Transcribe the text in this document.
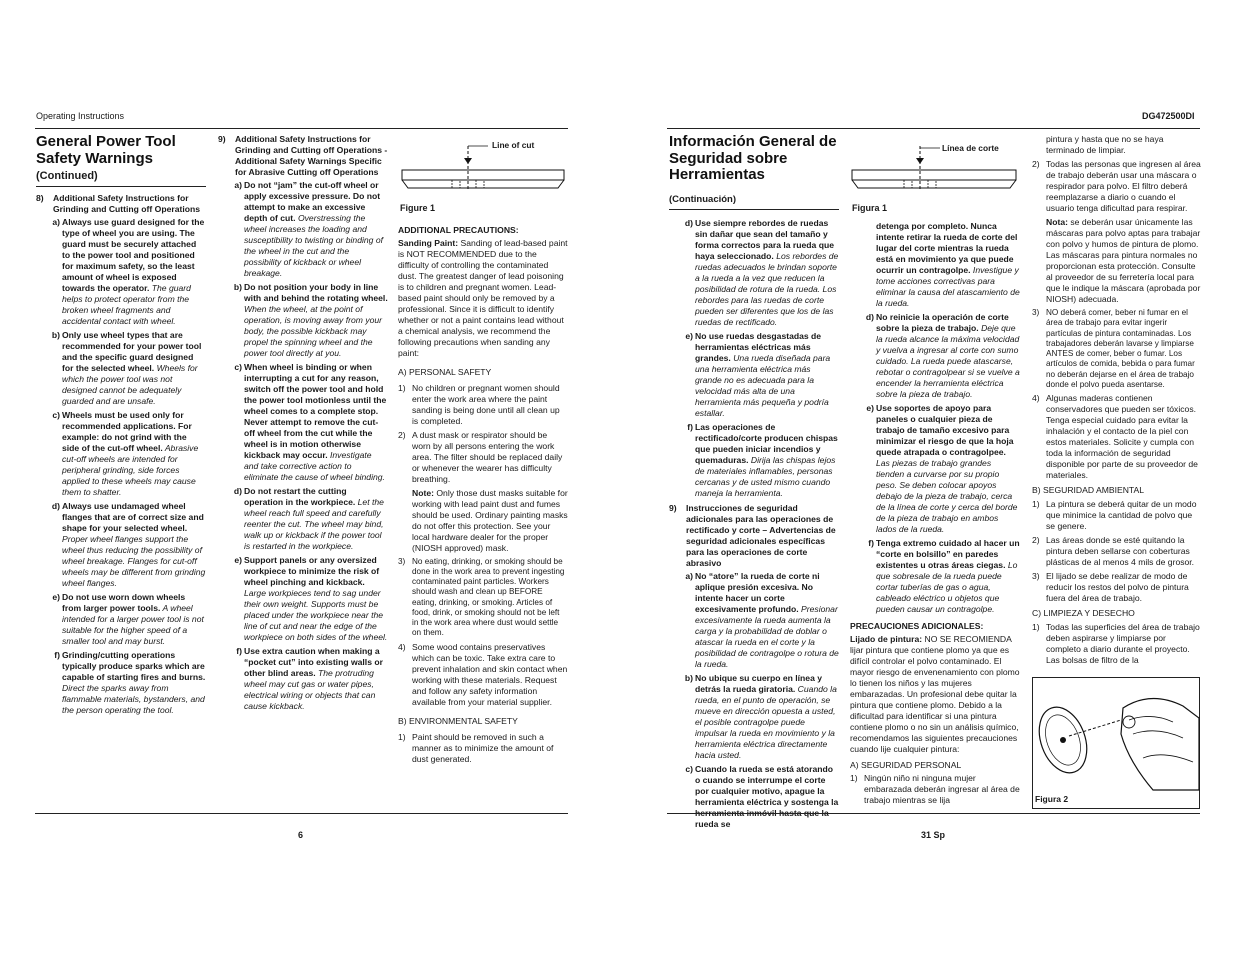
Operating Instructions	DG472500DI
General Power Tool Safety Warnings
(Continued)
8)	Additional Safety Instructions for Grinding and Cutting off Operations
a) Always use guard designed for the type of wheel you are using. The guard must be securely attached to the power tool and positioned for maximum safety, so the least amount of wheel is exposed towards the operator. The guard helps to protect operator from the broken wheel fragments and accidental contact with wheel.
b) Only use wheel types that are recommended for your power tool and the specific guard designed for the selected wheel. Wheels for which the power tool was not designed cannot be adequately guarded and are unsafe.
c) Wheels must be used only for recommended applications. For example: do not grind with the side of the cut-off wheel. Abrasive cut-off wheels are intended for peripheral grinding, side forces applied to these wheels may cause them to shatter.
d) Always use undamaged wheel flanges that are of correct size and shape for your selected wheel. Proper wheel flanges support the wheel thus reducing the possibility of wheel breakage. Flanges for cut-off wheels may be different from grinding wheel flanges.
e) Do not use worn down wheels from larger power tools. A wheel intended for a larger power tool is not suitable for the higher speed of a smaller tool and may burst.
f) Grinding/cutting operations typically produce sparks which are capable of starting fires and burns. Direct the sparks away from flammable materials, bystanders, and the person operating the tool.
9)	Additional Safety Instructions for Grinding and Cutting off Operations - Additional Safety Warnings Specific for Abrasive Cutting off Operations
a) Do not “jam” the cut-off wheel or apply excessive pressure. Do not attempt to make an excessive depth of cut. Overstressing the wheel increases the loading and susceptibility to twisting or binding of the wheel in the cut and the possibility of kickback or wheel breakage.
b) Do not position your body in line with and behind the rotating wheel. When the wheel, at the point of operation, is moving away from your body, the possible kickback may propel the spinning wheel and the power tool directly at you.
c) When wheel is binding or when interrupting a cut for any reason, switch off the power tool and hold the power tool motionless until the wheel comes to a complete stop. Never attempt to remove the cut-off wheel from the cut while the wheel is in motion otherwise kickback may occur. Investigate and take corrective action to eliminate the cause of wheel binding.
d) Do not restart the cutting operation in the workpiece. Let the wheel reach full speed and carefully reenter the cut. The wheel may bind, walk up or kickback if the power tool is restarted in the workpiece.
e) Support panels or any oversized workpiece to minimize the risk of wheel pinching and kickback. Large workpieces tend to sag under their own weight. Supports must be placed under the workpiece near the line of cut and near the edge of the workpiece on both sides of the wheel.
f) Use extra caution when making a “pocket cut” into existing walls or other blind areas. The protruding wheel may cut gas or water pipes, electrical wiring or objects that can cause kickback.
Line of cut
Figure 1
ADDITIONAL PRECAUTIONS:
Sanding Paint: Sanding of lead-based paint is NOT RECOMMENDED due to the difficulty of controlling the contaminated dust. The greatest danger of lead poisoning is to children and pregnant women. Lead-based paint should only be removed by a professional. Since it is difficult to identify whether or not a paint contains lead without a chemical analysis, we recommend the following precautions when sanding any paint:
A) PERSONAL SAFETY
1) No children or pregnant women should enter the work area where the paint sanding is being done until all clean up is completed.
2) A dust mask or respirator should be worn by all persons entering the work area. The filter should be replaced daily or whenever the wearer has difficulty breathing.
Note: Only those dust masks suitable for working with lead paint dust and fumes should be used. Ordinary painting masks do not offer this protection. See your local hardware dealer for the proper (NIOSH approved) mask.
3) No eating, drinking, or smoking should be done in the work area to prevent ingesting contaminated paint particles. Workers should wash and clean up BEFORE eating, drinking, or smoking. Articles of food, drink, or smoking should not be left in the work area where dust would settle on them.
4) Some wood contains preservatives which can be toxic. Take extra care to prevent inhalation and skin contact when working with these materials. Request and follow any safety information available from your material supplier.
B) ENVIRONMENTAL SAFETY
1) Paint should be removed in such a manner as to minimize the amount of dust generated.
6
Información General de Seguridad sobre Herramientas
(Continuación)
d) Use siempre rebordes de ruedas sin dañar que sean del tamaño y forma correctos para la rueda que haya seleccionado. Los rebordes de ruedas adecuados le brindan soporte a la rueda a la vez que reducen la posibilidad de rotura de la rueda. Los rebordes para las ruedas de corte pueden ser diferentes que los de las ruedas de rectificado.
e) No use ruedas desgastadas de herramientas eléctricas más grandes. Una rueda diseñada para una herramienta eléctrica más grande no es adecuada para la velocidad más alta de una herramienta más pequeña y podría estallar.
f) Las operaciones de rectificado/corte producen chispas que pueden iniciar incendios y quemaduras. Dirija las chispas lejos de materiales inflamables, personas cercanas y de usted mismo cuando maneja la herramienta.
9)	Instrucciones de seguridad adicionales para las operaciones de rectificado y corte – Advertencias de seguridad adicionales específicas para las operaciones de corte abrasivo
a) No “atore” la rueda de corte ni aplique presión excesiva. No intente hacer un corte excesivamente profundo. Presionar excesivamente la rueda aumenta la carga y la probabilidad de doblar o atascar la rueda en el corte y la posibilidad de contragolpe o rotura de la rueda.
b) No ubique su cuerpo en línea y detrás la rueda giratoria. Cuando la rueda, en el punto de operación, se mueve en dirección opuesta a usted, el posible contragolpe puede impulsar la rueda en movimiento y la herramienta eléctrica directamente hacia usted.
c) Cuando la rueda se está atorando o cuando se interrumpe el corte por cualquier motivo, apague la herramienta eléctrica y sostenga la rueda se
Línea de corte
Figura 1
detenga por completo. Nunca intente retirar la rueda de corte del lugar del corte mientras la rueda está en movimiento ya que puede ocurrir un contragolpe. Investigue y tome acciones correctivas para eliminar la causa del atascamiento de la rueda.
d) No reinicie la operación de corte sobre la pieza de trabajo. Deje que la rueda alcance la máxima velocidad y vuelva a ingresar al corte con sumo cuidado. La rueda puede atascarse, rebotar o contragolpear si se vuelve a encender la herramienta eléctrica sobre la pieza de trabajo.
e) Use soportes de apoyo para paneles o cualquier pieza de trabajo de tamaño excesivo para minimizar el riesgo de que la hoja quede atrapada o contragolpee. Las piezas de trabajo grandes tienden a curvarse por su propio peso. Se deben colocar apoyos debajo de la pieza de trabajo, cerca de la línea de corte y cerca del borde de la pieza de trabajo en ambos lados de la rueda.
f) Tenga extremo cuidado al hacer un “corte en bolsillo” en paredes existentes u otras áreas ciegas. Lo que sobresale de la rueda puede cortar tuberías de gas o agua, cableado eléctrico u objetos que pueden causar un contragolpe.
PRECAUCIONES ADICIONALES:
Lijado de pintura: NO SE RECOMIENDA lijar pintura que contiene plomo ya que es difícil controlar el polvo contaminado. El mayor riesgo de envenenamiento con plomo lo tienen los niños y las mujeres embarazadas. Un profesional debe quitar la pintura que contiene plomo. Debido a la dificultad para identificar si una pintura contiene plomo o no sin un análisis químico, recomendamos las siguientes precauciones cuando lije cualquier pintura:
A) SEGURIDAD PERSONAL
1) Ningún niño ni ninguna mujer embarazada deberán ingresar al área de trabajo mientras se lija
pintura y hasta que no se haya terminado de limpiar.
2) Todas las personas que ingresen al área de trabajo deberán usar una máscara o respirador para polvo. El filtro deberá reemplazarse a diario o cuando el usuario tenga dificultad para respirar.
Nota: se deberán usar únicamente las máscaras para polvo aptas para trabajar con polvo y humos de pintura de plomo. Las máscaras para pintura normales no proporcionan esta protección. Consulte al proveedor de su ferretería local para que le indique la máscara (aprobada por NIOSH) adecuada.
3) NO deberá comer, beber ni fumar en el área de trabajo para evitar ingerir partículas de pintura contaminadas. Los trabajadores deberán lavarse y limpiarse ANTES de comer, beber o fumar. Los artículos de comida, bebida o para fumar no deberán dejarse en el área de trabajo donde el polvo pueda asentarse.
4) Algunas maderas contienen conservadores que pueden ser tóxicos. Tenga especial cuidado para evitar la inhalación y el contacto de la piel con estos materiales. Solicite y cumpla con toda la información de seguridad disponible por parte de su proveedor de materiales.
B) SEGURIDAD AMBIENTAL
1) La pintura se deberá quitar de un modo que minimice la cantidad de polvo que se genere.
2) Las áreas donde se esté quitando la pintura deben sellarse con coberturas plásticas de al menos 4 mils de grosor.
3) El lijado se debe realizar de modo de reducir los restos del polvo de pintura fuera del área de trabajo.
C) LIMPIEZA Y DESECHO
1) Todas las superficies del área de trabajo deben aspirarse y limpiarse por completo a diario durante el proyecto. Las bolsas de filtro de la
Figura 2
31 Sp
